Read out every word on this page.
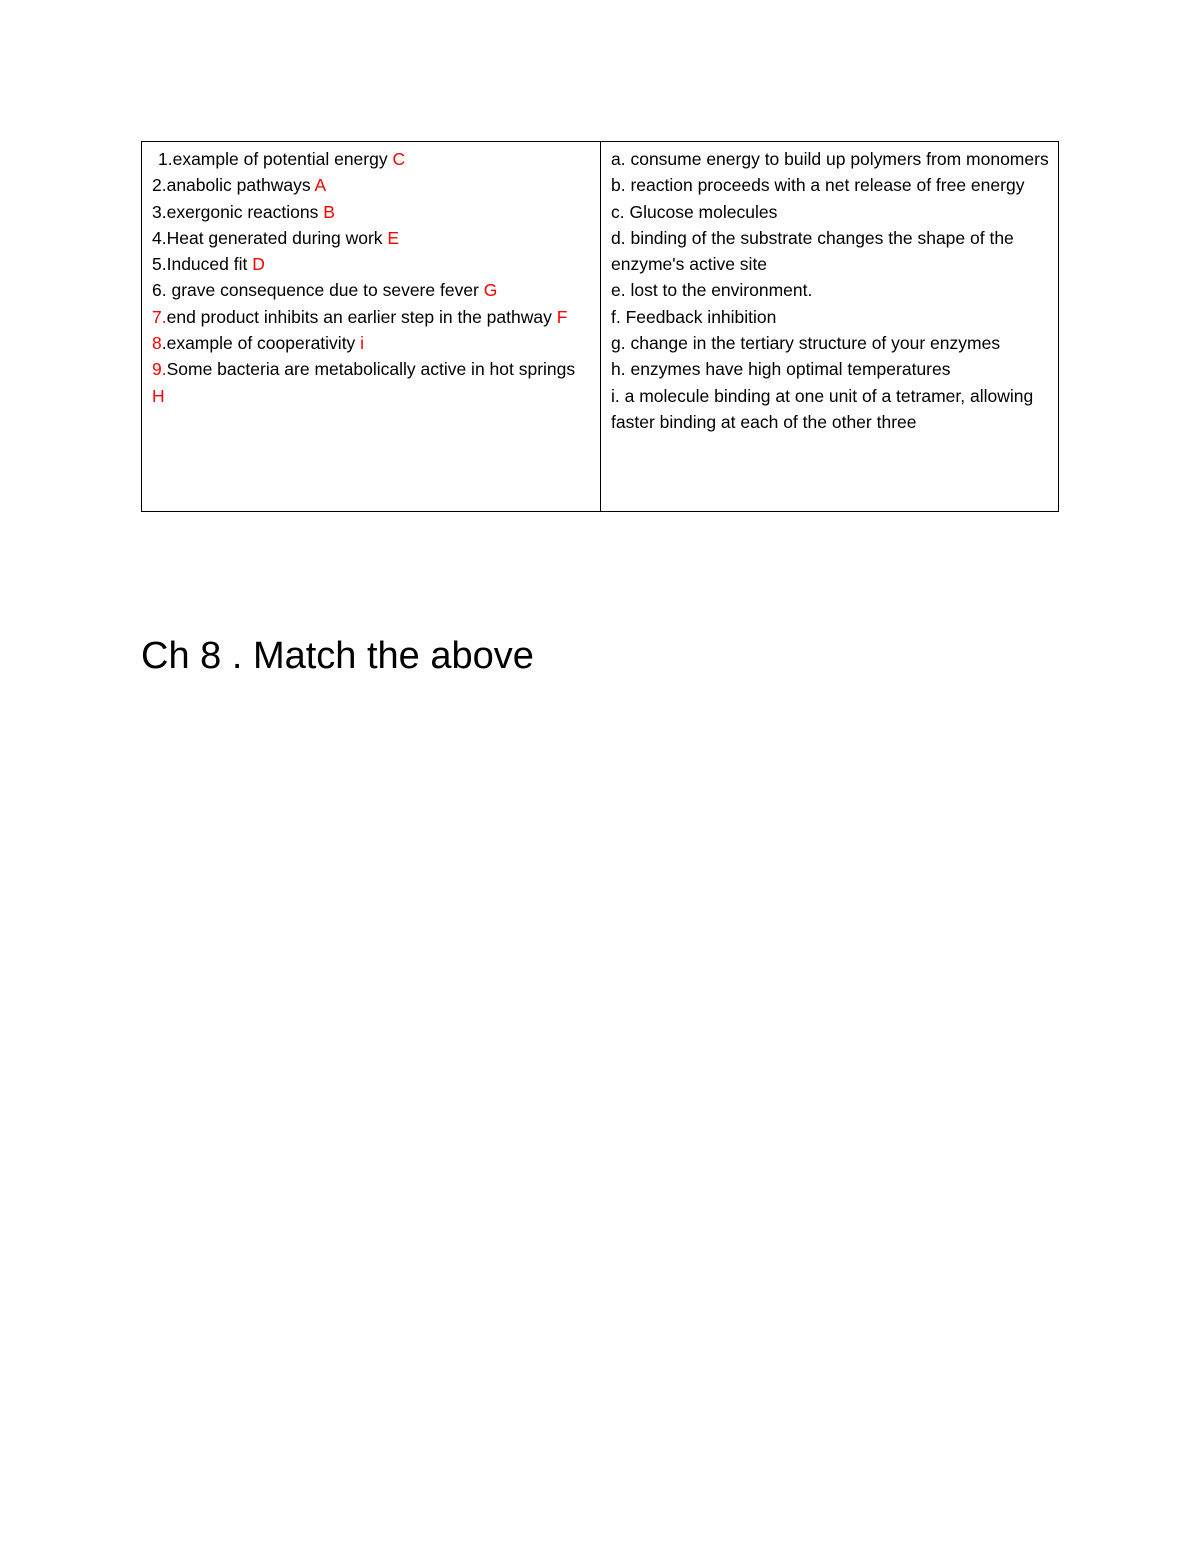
1.example of potential energy C

2.anabolic pathways A

3.exergonic reactions B

4.Heat generated during work E

5.Induced fit D

6. grave consequence due to severe fever G

7.end product inhibits an earlier step in the pathway F

8.example of cooperativity i

9.Some bacteria are metabolically active in hot springs H

a. consume energy to build up polymers from monomers

b. reaction proceeds with a net release of free energy

c. Glucose molecules

d. binding of the substrate changes the shape of the enzyme's active site

e. lost to the environment.

f. Feedback inhibition

g. change in the tertiary structure of your enzymes

h. enzymes have high optimal temperatures

i. a molecule binding at one unit of a tetramer, allowing faster binding at each of the other three

Ch 8 . Match the above
